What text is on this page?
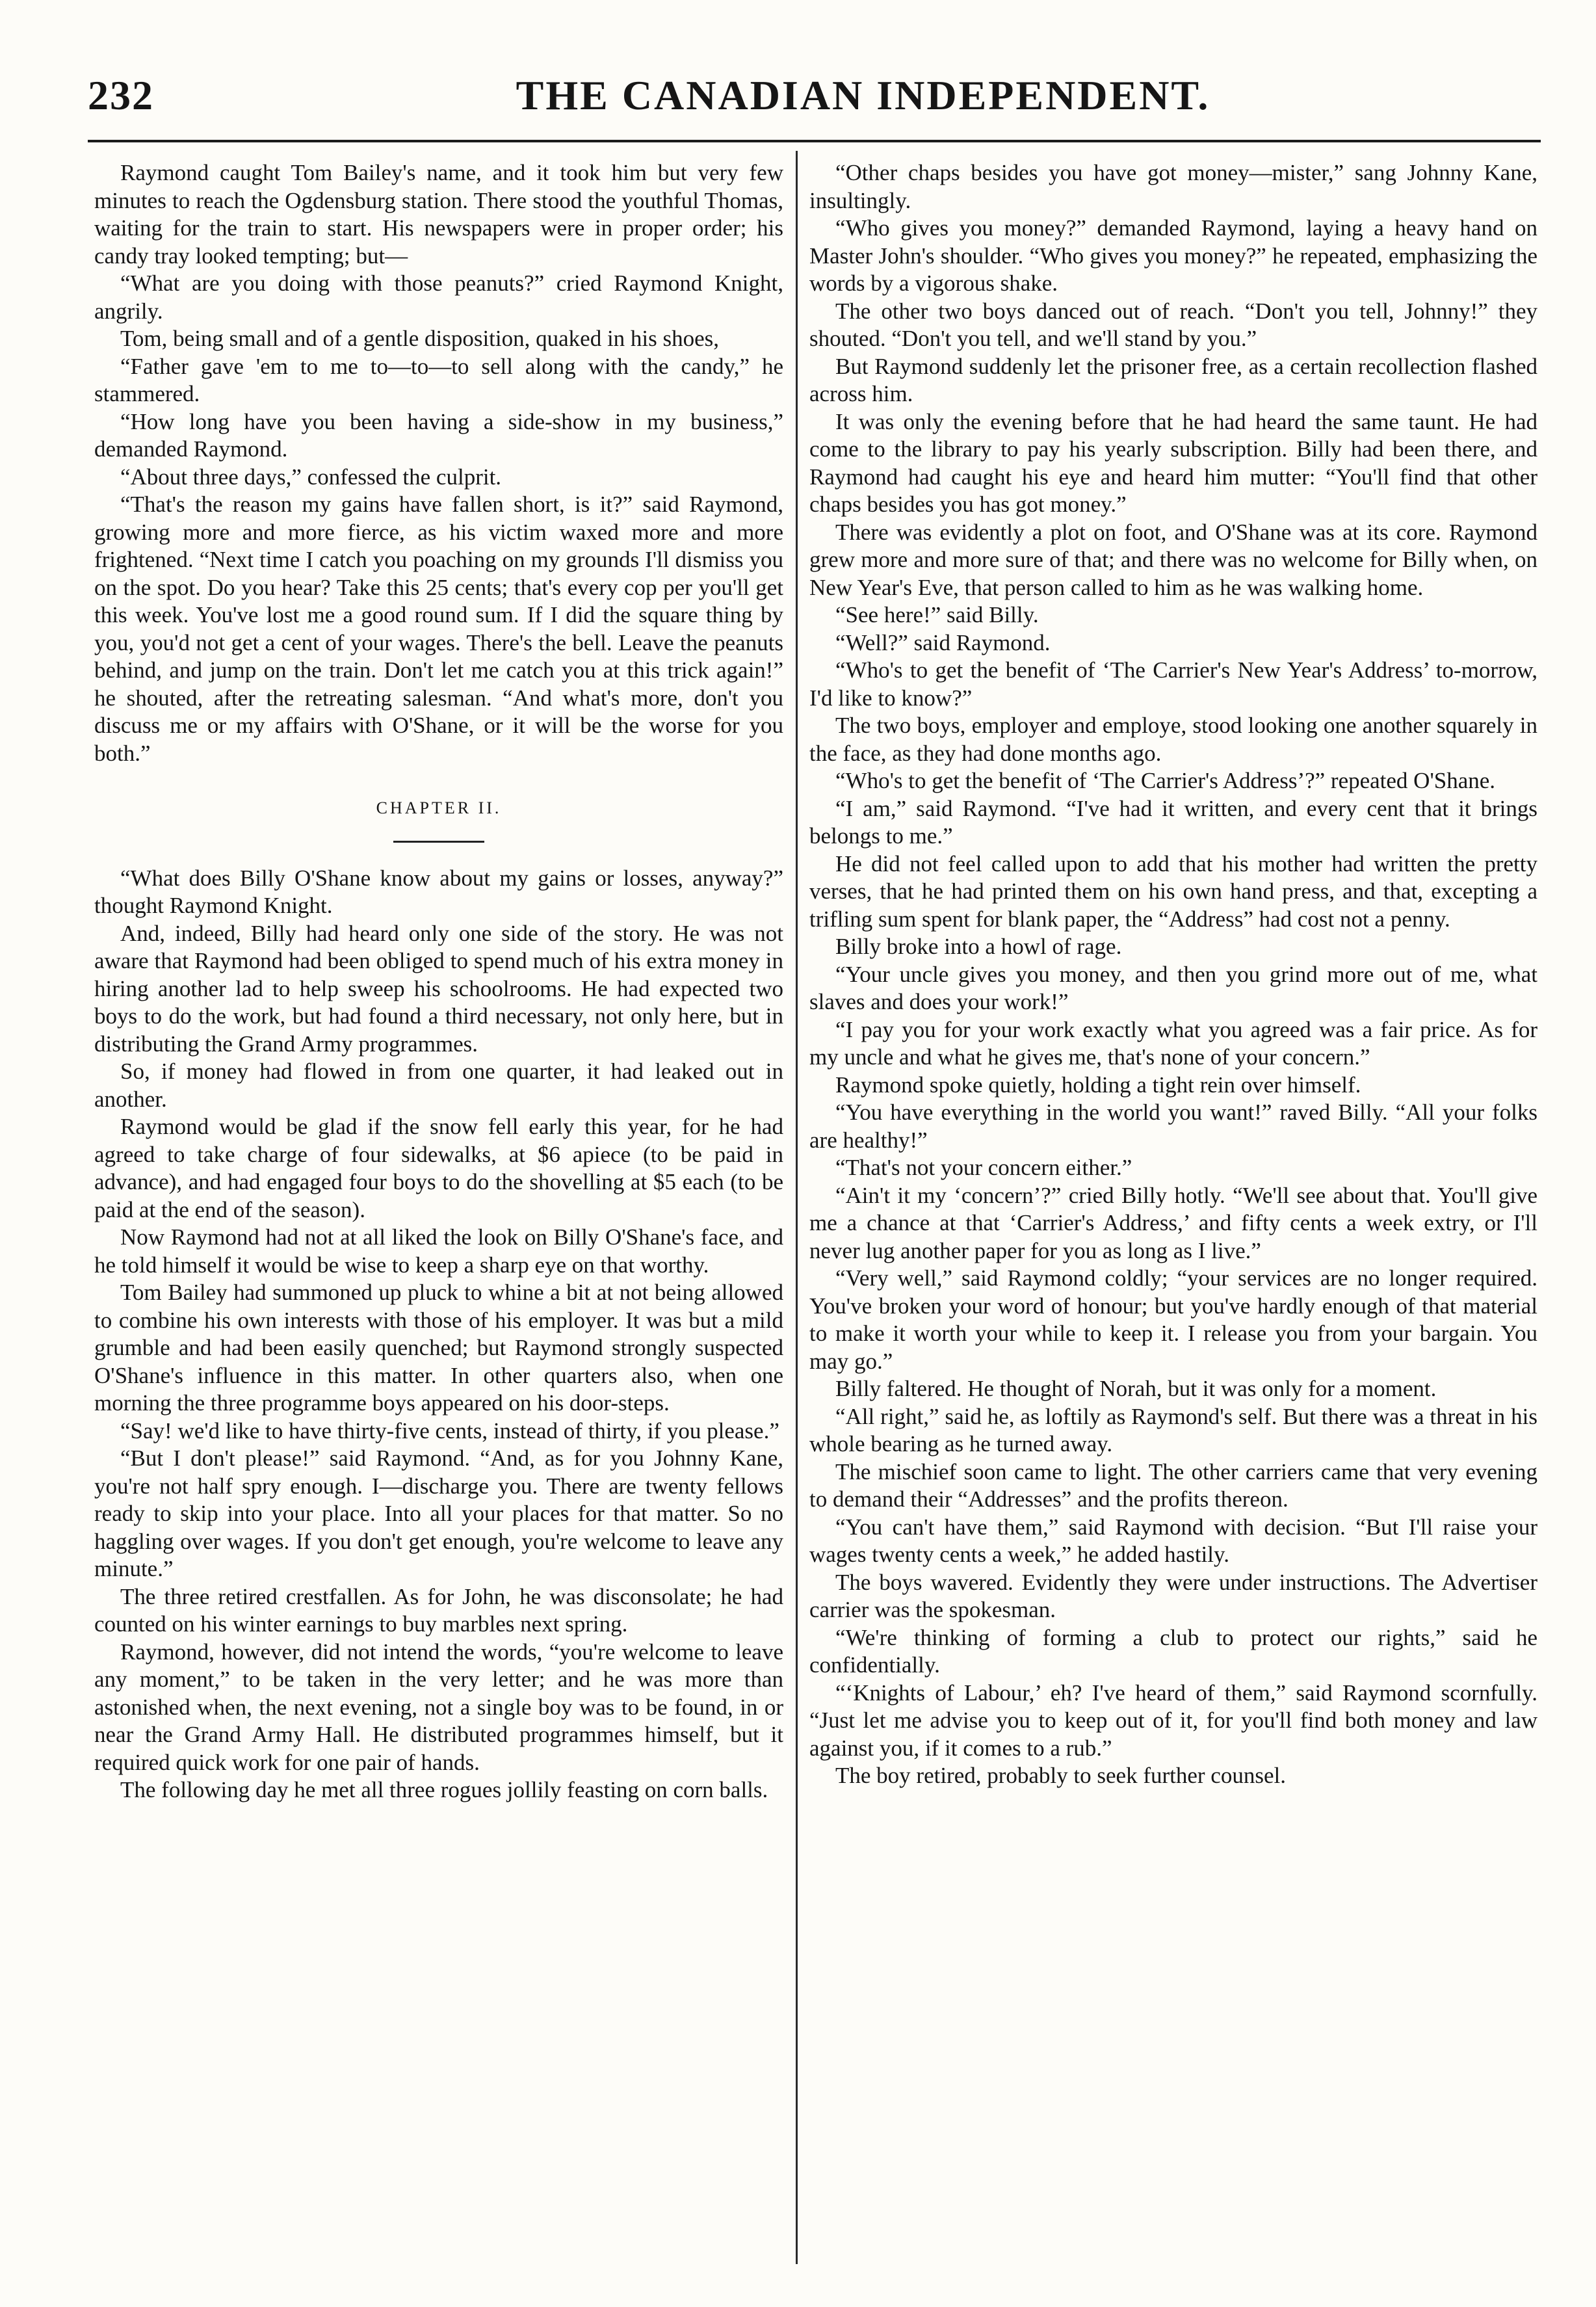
232	THE CANADIAN INDEPENDENT.

Raymond caught Tom Bailey's name, and it took him but very few minutes to reach the Ogdensburg station. There stood the youthful Thomas, waiting for the train to start. His newspapers were in proper order; his candy tray looked tempting; but—

“What are you doing with those peanuts?” cried Raymond Knight, angrily.

Tom, being small and of a gentle disposition, quaked in his shoes,

“Father gave 'em to me to—to—to sell along with the candy,” he stammered.

“How long have you been having a side-show in my business,” demanded Raymond.

“About three days,” confessed the culprit.

“That's the reason my gains have fallen short, is it?” said Raymond, growing more and more fierce, as his victim waxed more and more frightened. “Next time I catch you poaching on my grounds I'll dismiss you on the spot. Do you hear? Take this 25 cents; that's every cop per you'll get this week. You've lost me a good round sum. If I did the square thing by you, you'd not get a cent of your wages. There's the bell. Leave the peanuts behind, and jump on the train. Don't let me catch you at this trick again!” he shouted, after the retreating salesman. “And what's more, don't you discuss me or my affairs with O'Shane, or it will be the worse for you both.”

CHAPTER II.

“What does Billy O'Shane know about my gains or losses, anyway?” thought Raymond Knight.

And, indeed, Billy had heard only one side of the story. He was not aware that Raymond had been obliged to spend much of his extra money in hiring another lad to help sweep his schoolrooms. He had expected two boys to do the work, but had found a third necessary, not only here, but in distributing the Grand Army programmes.

So, if money had flowed in from one quarter, it had leaked out in another.

Raymond would be glad if the snow fell early this year, for he had agreed to take charge of four sidewalks, at $6 apiece (to be paid in advance), and had engaged four boys to do the shovelling at $5 each (to be paid at the end of the season).

Now Raymond had not at all liked the look on Billy O'Shane's face, and he told himself it would be wise to keep a sharp eye on that worthy.

Tom Bailey had summoned up pluck to whine a bit at not being allowed to combine his own interests with those of his employer. It was but a mild grumble and had been easily quenched; but Raymond strongly suspected O'Shane's influence in this matter. In other quarters also, when one morning the three programme boys appeared on his door-steps.

“Say! we'd like to have thirty-five cents, instead of thirty, if you please.”

“But I don't please!” said Raymond. “And, as for you Johnny Kane, you're not half spry enough. I—discharge you. There are twenty fellows ready to skip into your place. Into all your places for that matter. So no haggling over wages. If you don't get enough, you're welcome to leave any minute.”

The three retired crestfallen. As for John, he was disconsolate; he had counted on his winter earnings to buy marbles next spring.

Raymond, however, did not intend the words, “you're welcome to leave any moment,” to be taken in the very letter; and he was more than astonished when, the next evening, not a single boy was to be found, in or near the Grand Army Hall. He distributed programmes himself, but it required quick work for one pair of hands.

The following day he met all three rogues jollily feasting on corn balls.

“Other chaps besides you have got money—mister,” sang Johnny Kane, insultingly.

“Who gives you money?” demanded Raymond, laying a heavy hand on Master John's shoulder. “Who gives you money?” he repeated, emphasizing the words by a vigorous shake.

The other two boys danced out of reach. “Don't you tell, Johnny!” they shouted. “Don't you tell, and we'll stand by you.”

But Raymond suddenly let the prisoner free, as a certain recollection flashed across him.

It was only the evening before that he had heard the same taunt. He had come to the library to pay his yearly subscription. Billy had been there, and Raymond had caught his eye and heard him mutter: “You'll find that other chaps besides you has got money.”

There was evidently a plot on foot, and O'Shane was at its core. Raymond grew more and more sure of that; and there was no welcome for Billy when, on New Year's Eve, that person called to him as he was walking home.

“See here!” said Billy.

“Well?” said Raymond.

“Who's to get the benefit of ‘The Carrier's New Year's Address’ to-morrow, I'd like to know?”

The two boys, employer and employe, stood looking one another squarely in the face, as they had done months ago.

“Who's to get the benefit of ‘The Carrier's Address’?” repeated O'Shane.

“I am,” said Raymond. “I've had it written, and every cent that it brings belongs to me.”

He did not feel called upon to add that his mother had written the pretty verses, that he had printed them on his own hand press, and that, excepting a trifling sum spent for blank paper, the “Address” had cost not a penny.

Billy broke into a howl of rage.

“Your uncle gives you money, and then you grind more out of me, what slaves and does your work!”

“I pay you for your work exactly what you agreed was a fair price. As for my uncle and what he gives me, that's none of your concern.”

Raymond spoke quietly, holding a tight rein over himself.

“You have everything in the world you want!” raved Billy. “All your folks are healthy!”

“That's not your concern either.”

“Ain't it my ‘concern’?” cried Billy hotly. “We'll see about that. You'll give me a chance at that ‘Carrier's Address,’ and fifty cents a week extry, or I'll never lug another paper for you as long as I live.”

“Very well,” said Raymond coldly; “your services are no longer required. You've broken your word of honour; but you've hardly enough of that material to make it worth your while to keep it. I release you from your bargain. You may go.”

Billy faltered. He thought of Norah, but it was only for a moment.

“All right,” said he, as loftily as Raymond's self. But there was a threat in his whole bearing as he turned away.

The mischief soon came to light. The other carriers came that very evening to demand their “Addresses” and the profits thereon.

“You can't have them,” said Raymond with decision. “But I'll raise your wages twenty cents a week,” he added hastily.

The boys wavered. Evidently they were under instructions. The Advertiser carrier was the spokesman.

“We're thinking of forming a club to protect our rights,” said he confidentially.

“‘Knights of Labour,’ eh? I've heard of them,” said Raymond scornfully. “Just let me advise you to keep out of it, for you'll find both money and law against you, if it comes to a rub.”

The boy retired, probably to seek further counsel.
